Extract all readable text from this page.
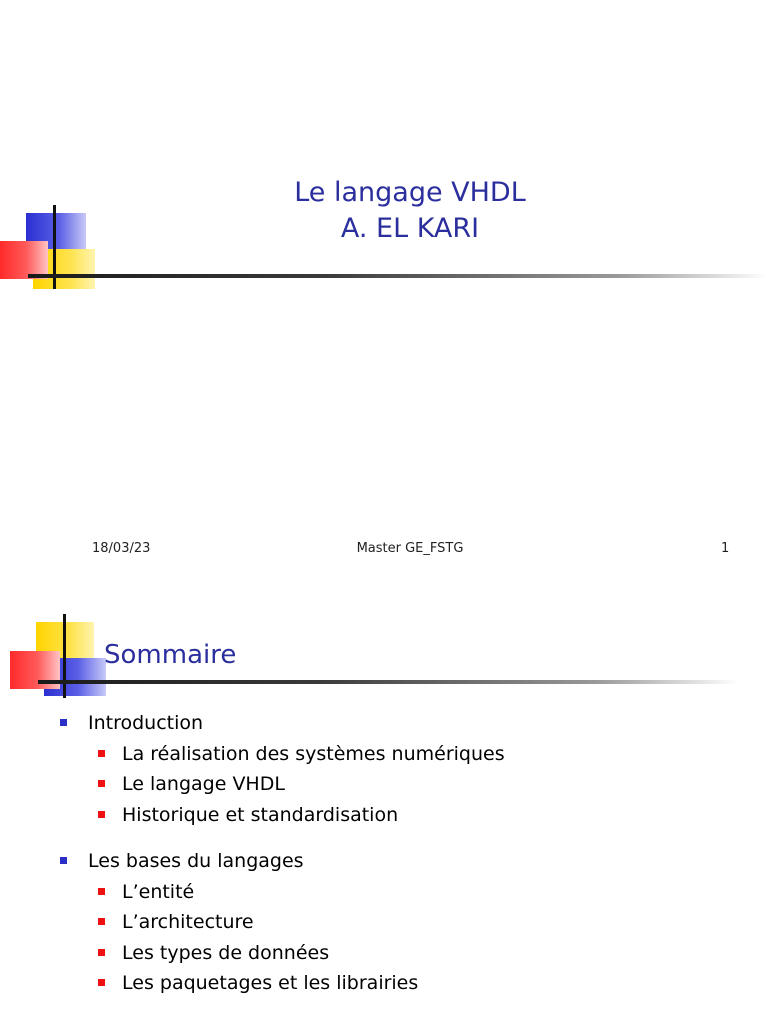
Le langage VHDL
A. EL KARI
18/03/23	Master GE_FSTG	1
Sommaire
Introduction
La réalisation des systèmes numériques
Le langage VHDL
Historique et standardisation
Les bases du langages
L’entité
L’architecture
Les types de données
Les paquetages et les librairies
